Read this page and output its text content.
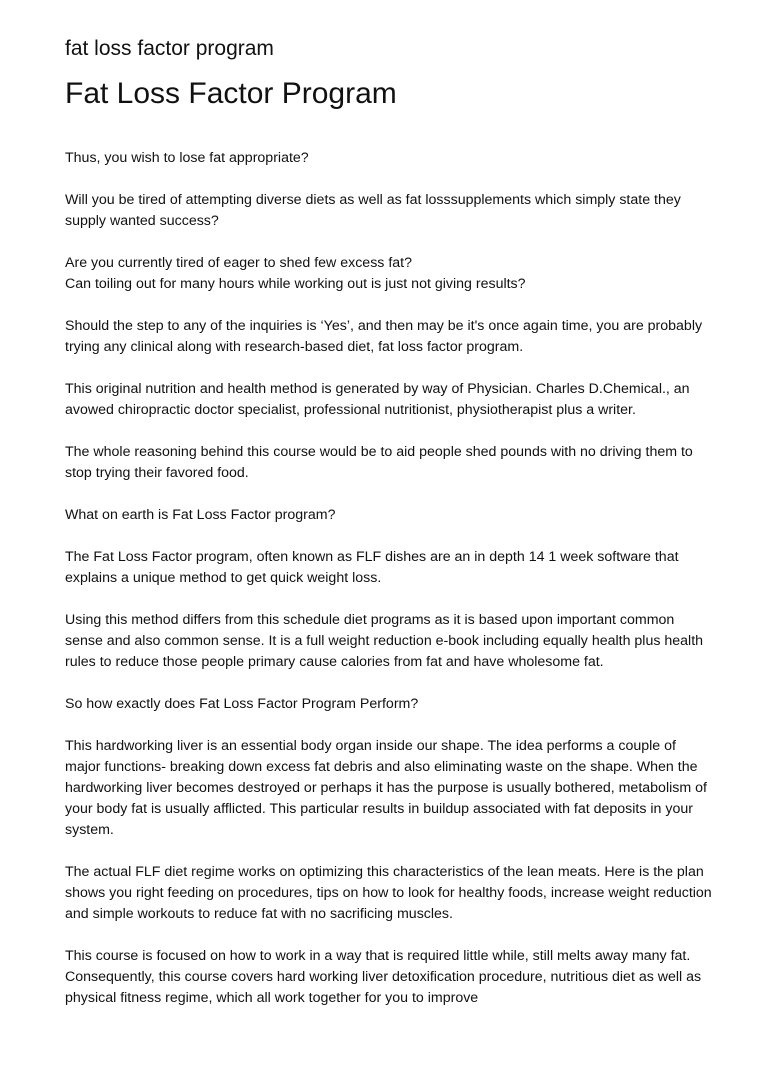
fat loss factor program
Fat Loss Factor Program

Thus, you wish to lose fat appropriate?

Will you be tired of attempting diverse diets as well as fat losssupplements which simply state they supply wanted success?

Are you currently tired of eager to shed few excess fat?
Can toiling out for many hours while working out is just not giving results?

Should the step to any of the inquiries is ‘Yes’, and then may be it's once again time, you are probably trying any clinical along with research-based diet, fat loss factor program.

This original nutrition and health method is generated by way of Physician. Charles D.Chemical., an avowed chiropractic doctor specialist, professional nutritionist, physiotherapist plus a writer.

The whole reasoning behind this course would be to aid people shed pounds with no driving them to stop trying their favored food.

What on earth is Fat Loss Factor program?

The Fat Loss Factor program, often known as FLF dishes are an in depth 14 1 week software that explains a unique method to get quick weight loss.

Using this method differs from this schedule diet programs as it is based upon important common sense and also common sense. It is a full weight reduction e-book including equally health plus health rules to reduce those people primary cause calories from fat and have wholesome fat.

So how exactly does Fat Loss Factor Program Perform?

This hardworking liver is an essential body organ inside our shape. The idea performs a couple of major functions- breaking down excess fat debris and also eliminating waste on the shape. When the hardworking liver becomes destroyed or perhaps it has the purpose is usually bothered, metabolism of your body fat is usually afflicted. This particular results in buildup associated with fat deposits in your system.

The actual FLF diet regime works on optimizing this characteristics of the lean meats. Here is the plan shows you right feeding on procedures, tips on how to look for healthy foods, increase weight reduction and simple workouts to reduce fat with no sacrificing muscles.

This course is focused on how to work in a way that is required little while, still melts away many fat. Consequently, this course covers hard working liver detoxification procedure, nutritious diet as well as physical fitness regime, which all work together for you to improve
